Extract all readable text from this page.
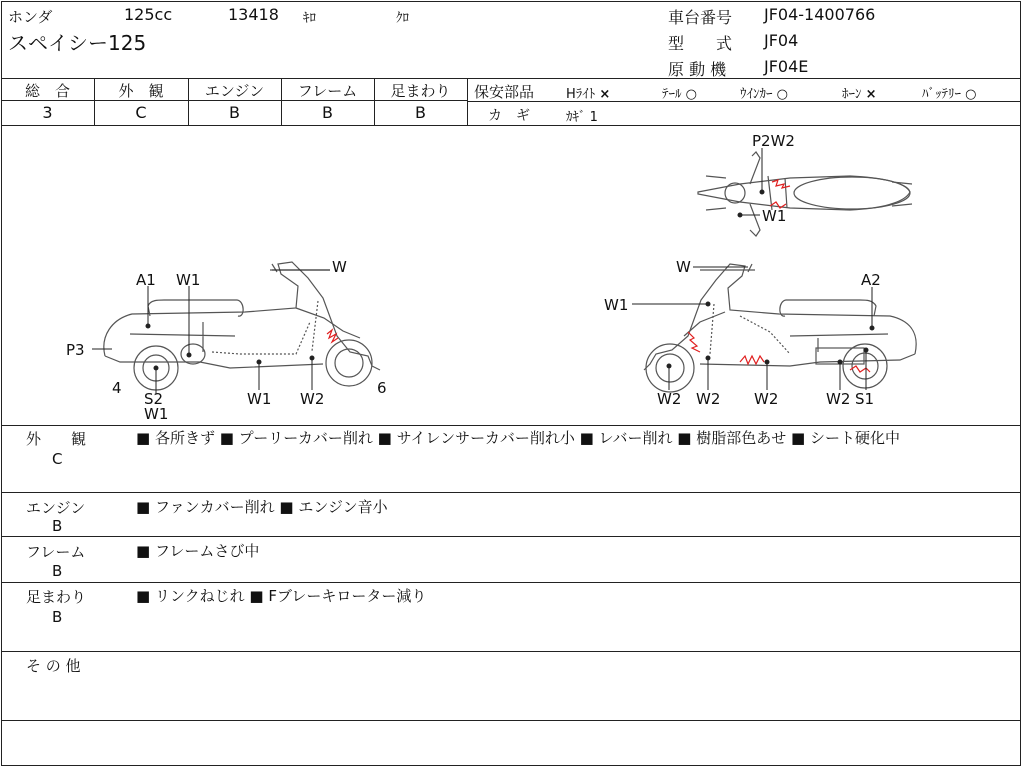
ホンダ	125cc	13418 ｷﾛ	ｸﾛ
スペイシー125
車台番号 JF04-1400766
型　　式 JF04
原 動 機 JF04E
総　合
3
外　観
C
エンジン
B
フレーム
B
足まわり
B
保安部品 Hﾗｲﾄ ×	ﾃｰﾙ ○	ｳｲﾝｶｰ ○	ﾎｰﾝ ×	ﾊﾞｯﾃﾘｰ ○
カ　ギ	ｶｷﾞ 1
A1 W1
W
P3
4
S2
W1
W1 W2
6
W
W1
A2
W2 W2 W2	W2 S1
P2W2
W1
外　　観
C
■ 各所きず ■ プーリーカバー削れ ■ サイレンサーカバー削れ小 ■ レバー削れ ■ 樹脂部色あせ ■ シート硬化中
エンジン
B
■ ファンカバー削れ ■ エンジン音小
フレーム
B
■ フレームさび中
足まわり
B
■ リンクねじれ ■ Fブレーキローター減り
そ の 他
